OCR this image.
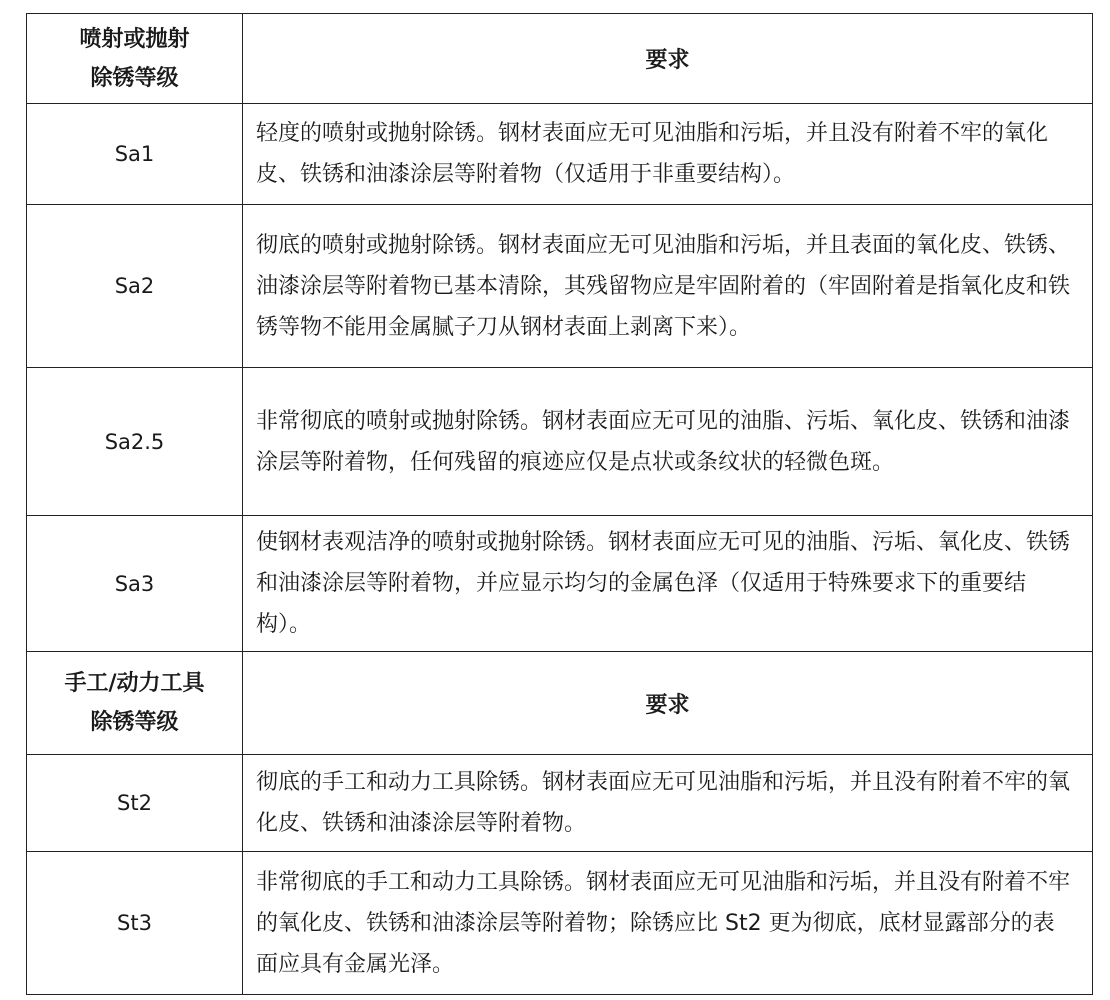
喷射或抛射
除锈等级	要求
Sa1	轻度的喷射或抛射除锈。钢材表面应无可见油脂和污垢，并且没有附着不牢的氧化皮、铁锈和油漆涂层等附着物（仅适用于非重要结构）。
Sa2	彻底的喷射或抛射除锈。钢材表面应无可见油脂和污垢，并且表面的氧化皮、铁锈、油漆涂层等附着物已基本清除，其残留物应是牢固附着的（牢固附着是指氧化皮和铁锈等物不能用金属腻子刀从钢材表面上剥离下来）。
Sa2.5	非常彻底的喷射或抛射除锈。钢材表面应无可见的油脂、污垢、氧化皮、铁锈和油漆涂层等附着物，任何残留的痕迹应仅是点状或条纹状的轻微色斑。
Sa3	使钢材表观洁净的喷射或抛射除锈。钢材表面应无可见的油脂、污垢、氧化皮、铁锈和油漆涂层等附着物，并应显示均匀的金属色泽（仅适用于特殊要求下的重要结构）。
手工/动力工具
除锈等级	要求
St2	彻底的手工和动力工具除锈。钢材表面应无可见油脂和污垢，并且没有附着不牢的氧化皮、铁锈和油漆涂层等附着物。
St3	非常彻底的手工和动力工具除锈。钢材表面应无可见油脂和污垢，并且没有附着不牢的氧化皮、铁锈和油漆涂层等附着物；除锈应比 St2 更为彻底，底材显露部分的表面应具有金属光泽。
